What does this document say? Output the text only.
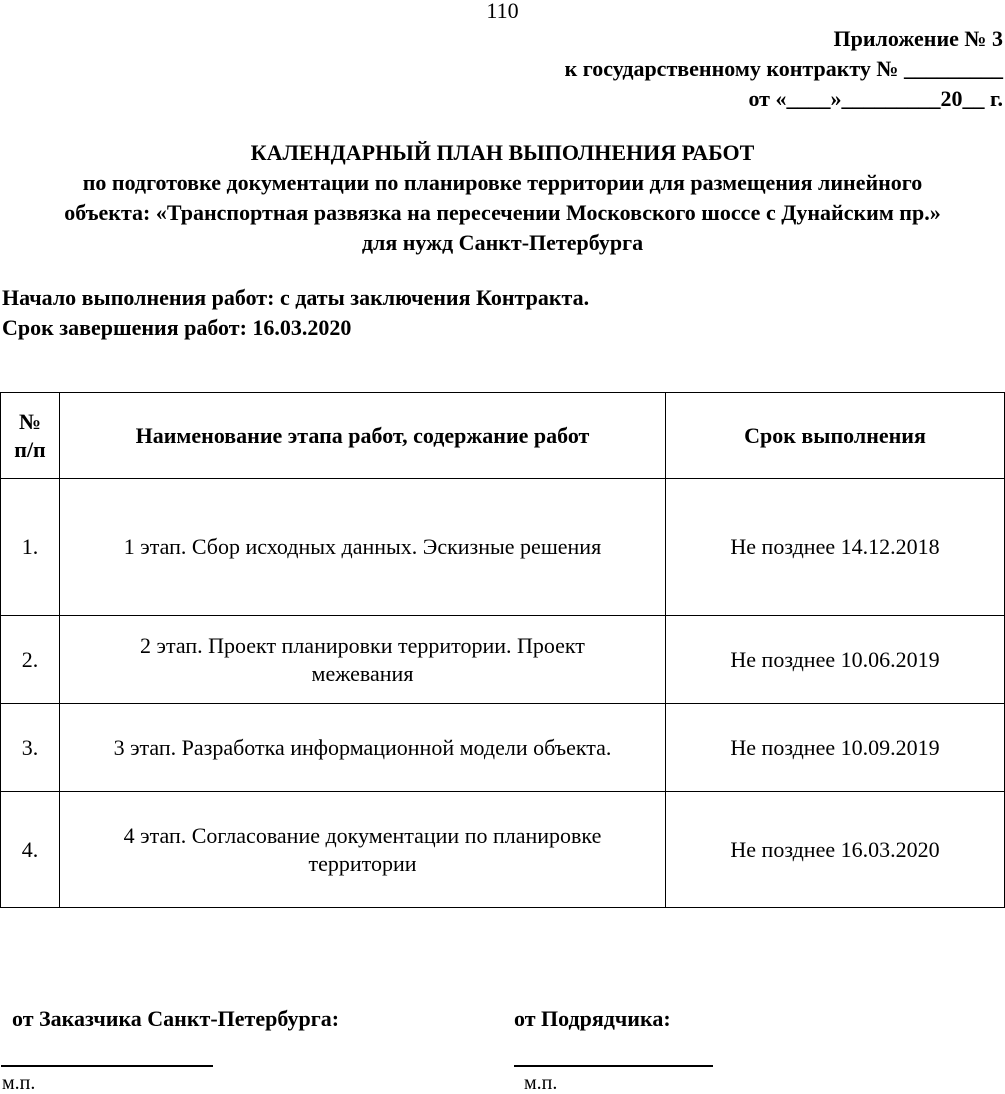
110
Приложение № 3
к государственному контракту № _________
от «____»_________20__ г.
КАЛЕНДАРНЫЙ ПЛАН ВЫПОЛНЕНИЯ РАБОТ
по подготовке документации по планировке территории для размещения линейного
объекта: «Транспортная развязка на пересечении Московского шоссе с Дунайским пр.»
для нужд Санкт-Петербурга
Начало выполнения работ: с даты заключения Контракта.
Срок завершения работ: 16.03.2020
№
п/п	Наименование этапа работ, содержание работ	Срок выполнения
1.	1 этап. Сбор исходных данных. Эскизные решения	Не позднее 14.12.2018
2.	2 этап. Проект планировки территории. Проект межевания	Не позднее 10.06.2019
3.	3 этап. Разработка информационной модели объекта.	Не позднее 10.09.2019
4.	4 этап. Согласование документации по планировке территории	Не позднее 16.03.2020
от Заказчика Санкт-Петербурга:	от Подрядчика:
м.п.	м.п.
